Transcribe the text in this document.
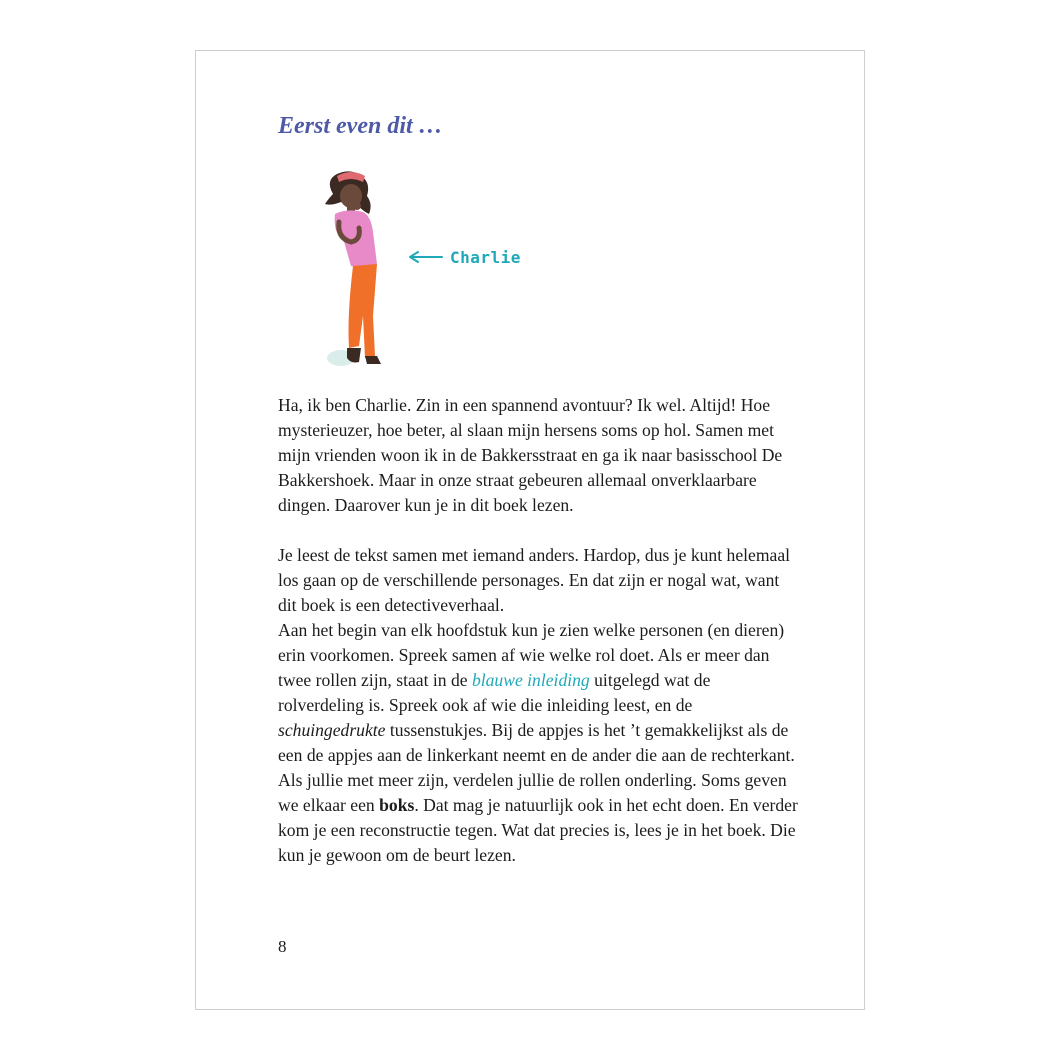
Eerst even dit …
Charlie

Ha, ik ben Charlie. Zin in een spannend avontuur? Ik wel. Altijd! Hoe mysterieuzer, hoe beter, al slaan mijn hersens soms op hol. Samen met mijn vrienden woon ik in de Bakkersstraat en ga ik naar basisschool De Bakkershoek. Maar in onze straat gebeuren allemaal onverklaarbare dingen. Daarover kun je in dit boek lezen.

Je leest de tekst samen met iemand anders. Hardop, dus je kunt helemaal los gaan op de verschillende personages. En dat zijn er nogal wat, want dit boek is een detectiveverhaal.

Aan het begin van elk hoofdstuk kun je zien welke personen (en dieren) erin voorkomen. Spreek samen af wie welke rol doet. Als er meer dan twee rollen zijn, staat in de blauwe inleiding uitgelegd wat de rolverdeling is. Spreek ook af wie die inleiding leest, en de schuingedrukte tussenstukjes. Bij de appjes is het ’t gemakkelijkst als de een de appjes aan de linkerkant neemt en de ander die aan de rechterkant. Als jullie met meer zijn, verdelen jullie de rollen onderling. Soms geven we elkaar een boks. Dat mag je natuurlijk ook in het echt doen. En verder kom je een reconstructie tegen. Wat dat precies is, lees je in het boek. Die kun je gewoon om de beurt lezen.

8
